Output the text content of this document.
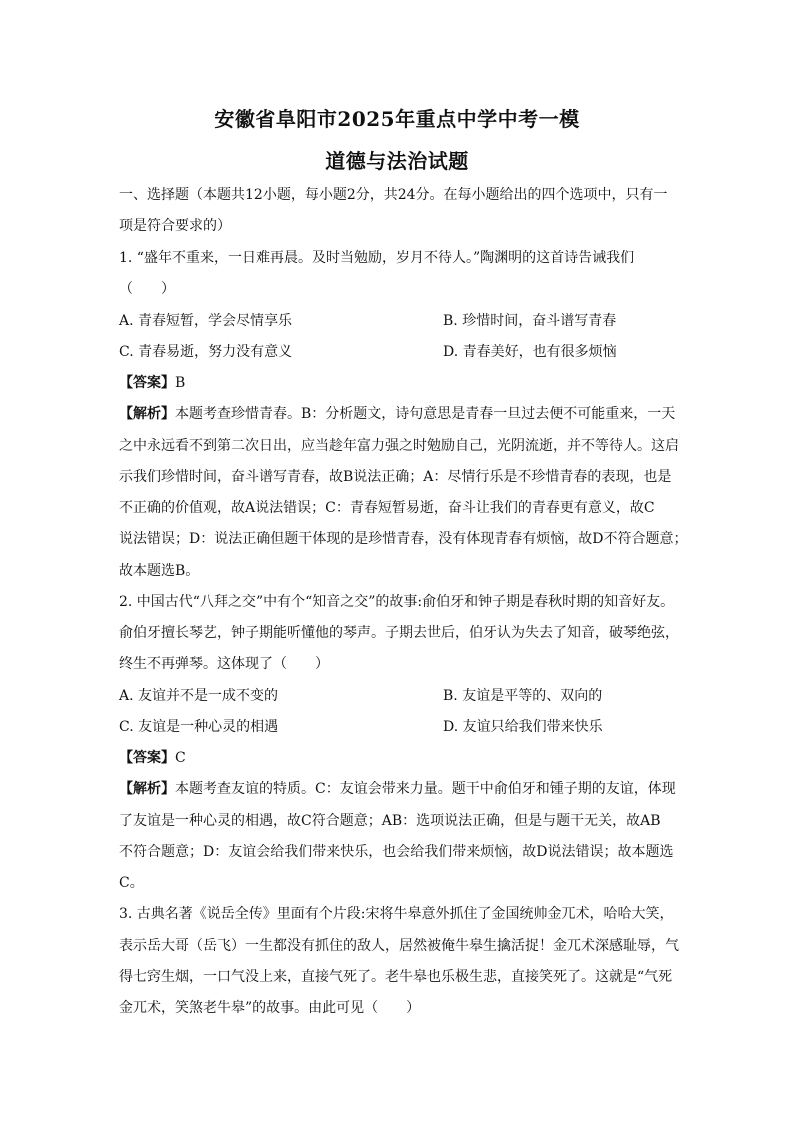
安徽省阜阳市2025年重点中学中考一模
道德与法治试题
一、选择题（本题共12小题，每小题2分，共24分。在每小题给出的四个选项中，只有一
项是符合要求的）
1. “盛年不重来，一日难再晨。及时当勉励，岁月不待人。”陶渊明的这首诗告诫我们
（　　）
A. 青春短暂，学会尽情享乐	B. 珍惜时间，奋斗谱写青春
C. 青春易逝，努力没有意义	D. 青春美好，也有很多烦恼
【答案】B
【解析】本题考查珍惜青春。B：分析题文，诗句意思是青春一旦过去便不可能重来，一天
之中永远看不到第二次日出，应当趁年富力强之时勉励自己，光阴流逝，并不等待人。这启
示我们珍惜时间，奋斗谱写青春，故B说法正确；A：尽情行乐是不珍惜青春的表现，也是
不正确的价值观，故A说法错误；C：青春短暂易逝，奋斗让我们的青春更有意义，故C
说法错误；D：说法正确但题干体现的是珍惜青春，没有体现青春有烦恼，故D不符合题意；
故本题选B。
2. 中国古代“八拜之交”中有个“知音之交”的故事:俞伯牙和钟子期是春秋时期的知音好友。
俞伯牙擅长琴艺，钟子期能听懂他的琴声。子期去世后，伯牙认为失去了知音，破琴绝弦，
终生不再弹琴。这体现了（　　）
A. 友谊并不是一成不变的	B. 友谊是平等的、双向的
C. 友谊是一种心灵的相遇	D. 友谊只给我们带来快乐
【答案】C
【解析】本题考查友谊的特质。C：友谊会带来力量。题干中俞伯牙和锺子期的友谊，体现
了友谊是一种心灵的相遇，故C符合题意；AB：选项说法正确，但是与题干无关，故AB
不符合题意；D：友谊会给我们带来快乐，也会给我们带来烦恼，故D说法错误；故本题选
C。
3. 古典名著《说岳全传》里面有个片段:宋将牛皋意外抓住了金国统帅金兀术，哈哈大笑，
表示岳大哥（岳飞）一生都没有抓住的敌人，居然被俺牛皋生擒活捉！金兀术深感耻辱，气
得七窍生烟，一口气没上来，直接气死了。老牛皋也乐极生悲，直接笑死了。这就是“气死
金兀术，笑煞老牛皋”的故事。由此可见（　　）
